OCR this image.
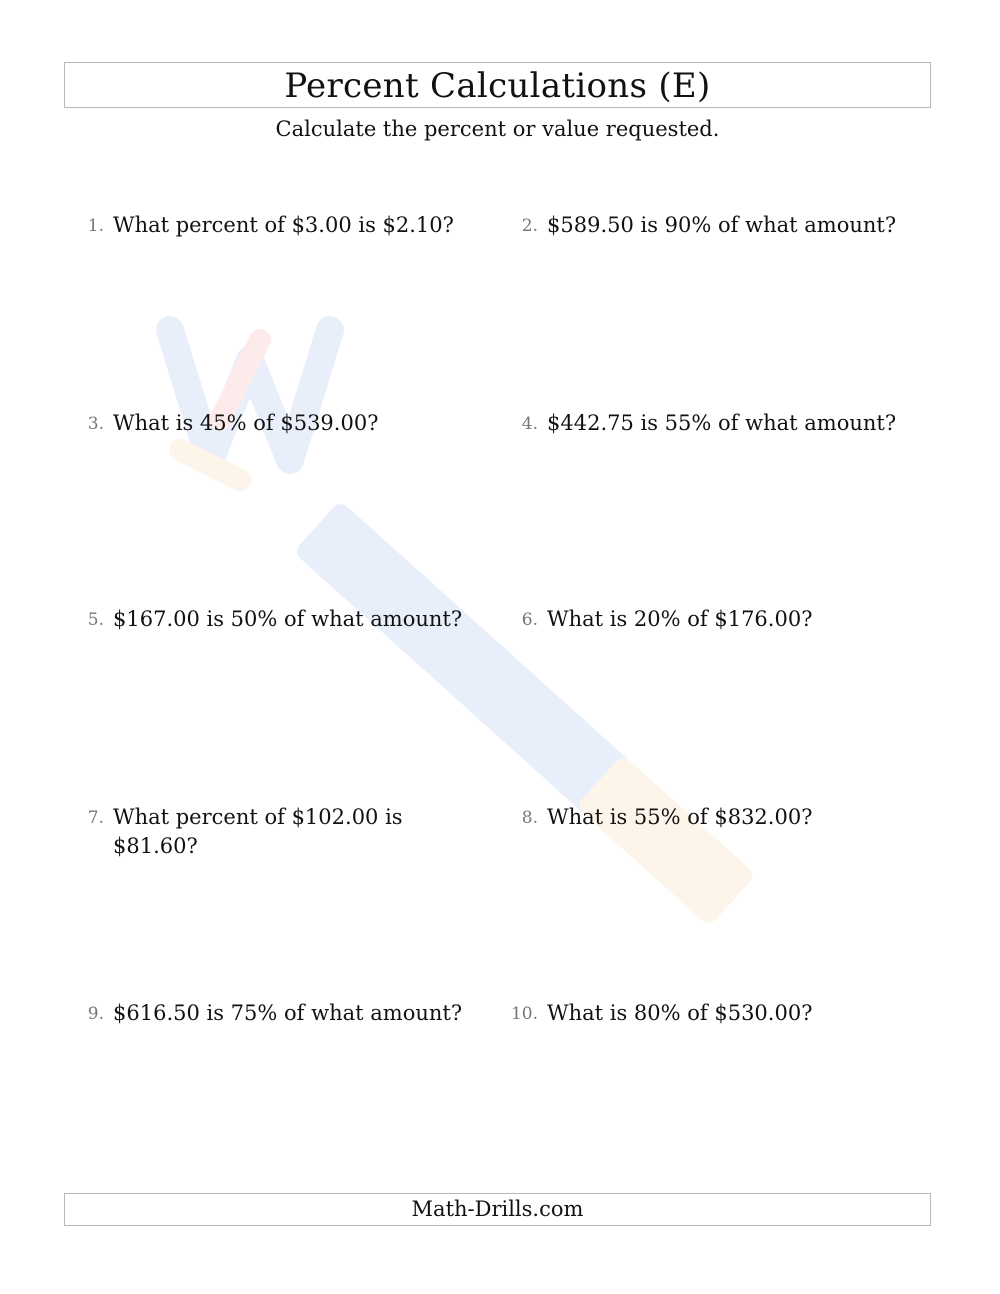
Percent Calculations (E)
Calculate the percent or value requested.
1. What percent of $3.00 is $2.10?	2. $589.50 is 90% of what amount?
3. What is 45% of $539.00?	4. $442.75 is 55% of what amount?
5. $167.00 is 50% of what amount?	6. What is 20% of $176.00?
7. What percent of $102.00 is $81.60?
8. What is 55% of $832.00?
9. $616.50 is 75% of what amount?	10. What is 80% of $530.00?
Math-Drills.com
